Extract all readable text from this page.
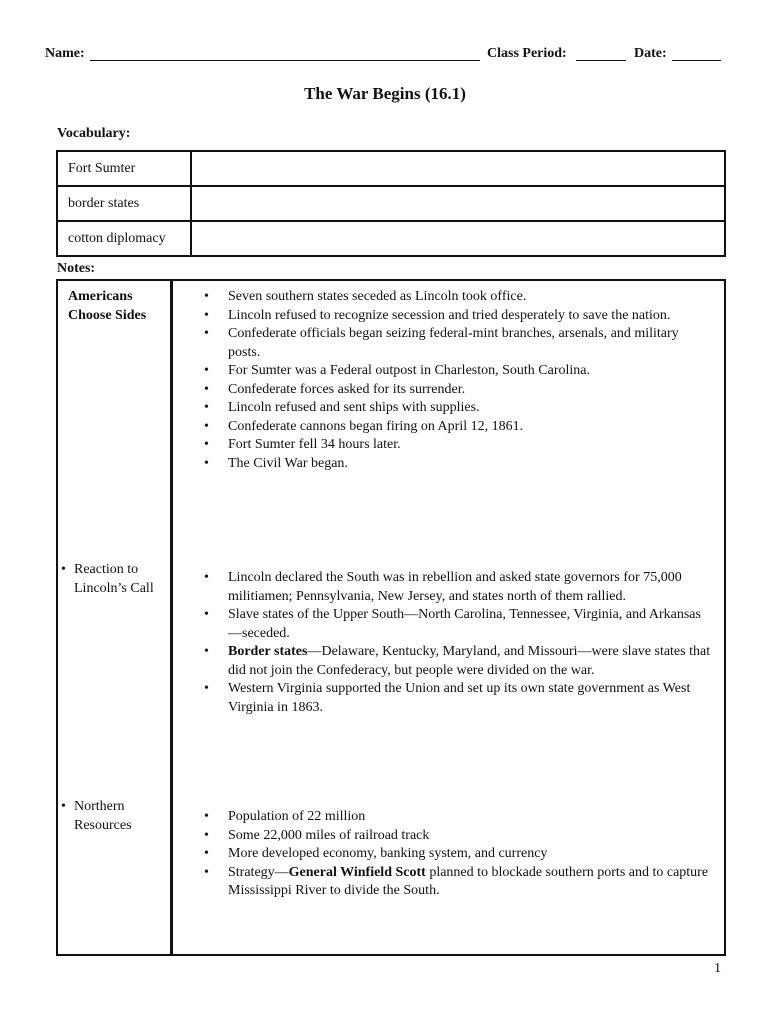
Name:	Class Period:	Date:
The War Begins (16.1)
Vocabulary:
Fort Sumter
border states
cotton diplomacy
Notes:
Americans
Choose Sides
• Seven southern states seceded as Lincoln took office.
• Lincoln refused to recognize secession and tried desperately to save the nation.
• Confederate officials began seizing federal-mint branches, arsenals, and military posts.
• For Sumter was a Federal outpost in Charleston, South Carolina.
• Confederate forces asked for its surrender.
• Lincoln refused and sent ships with supplies.
• Confederate cannons began firing on April 12, 1861.
• Fort Sumter fell 34 hours later.
• The Civil War began.
• Reaction to
Lincoln’s Call
• Lincoln declared the South was in rebellion and asked state governors for 75,000 militiamen; Pennsylvania, New Jersey, and states north of them rallied.
• Slave states of the Upper South—North Carolina, Tennessee, Virginia, and Arkansas—seceded.
• Border states—Delaware, Kentucky, Maryland, and Missouri—were slave states that did not join the Confederacy, but people were divided on the war.
• Western Virginia supported the Union and set up its own state government as West Virginia in 1863.
• Northern
Resources
• Population of 22 million
• Some 22,000 miles of railroad track
• More developed economy, banking system, and currency
• Strategy—General Winfield Scott planned to blockade southern ports and to capture Mississippi River to divide the South.
1
